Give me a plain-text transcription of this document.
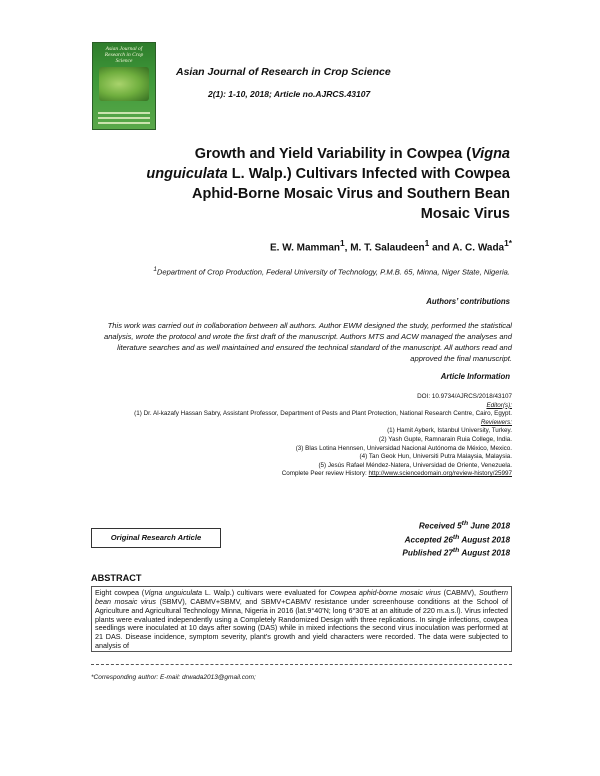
Asian Journal of
Research in Crop
Science
Asian Journal of Research in Crop Science
2(1): 1-10, 2018; Article no.AJRCS.43107
Growth and Yield Variability in Cowpea (Vigna unguiculata L. Walp.) Cultivars Infected with Cowpea Aphid-Borne Mosaic Virus and Southern Bean Mosaic Virus
E. W. Mamman$^1$, M. T. Salaudeen$^1$ and A. C. Wada$^{1*}$
$^1$Department of Crop Production, Federal University of Technology, P.M.B. 65, Minna, Niger State, Nigeria.
Authors’ contributions
This work was carried out in collaboration between all authors. Author EWM designed the study, performed the statistical analysis, wrote the protocol and wrote the first draft of the manuscript. Authors MTS and ACW managed the analyses and literature searches and as well maintained and ensured the technical standard of the manuscript. All authors read and approved the final manuscript.
Article Information
DOI: 10.9734/AJRCS/2018/43107
Editor(s):
(1) Dr. Al-kazafy Hassan Sabry, Assistant Professor, Department of Pests and Plant Protection, National Research Centre, Cairo, Egypt.
Reviewers:
(1) Hamit Ayberk, Istanbul University, Turkey.
(2) Yash Gupte, Ramnarain Ruia College, India.
(3) Blas Lotina Hennsen, Universidad Nacional Autónoma de México, Mexico.
(4) Tan Geok Hun, Universiti Putra Malaysia, Malaysia.
(5) Jesús Rafael Méndez-Natera, Universidad de Oriente, Venezuela.
Complete Peer review History: http://www.sciencedomain.org/review-history/25997
Original Research Article
Received 5th June 2018
Accepted 26th August 2018
Published 27th August 2018
ABSTRACT
Eight cowpea (Vigna unguiculata L. Walp.) cultivars were evaluated for Cowpea aphid-borne mosaic virus (CABMV), Southern bean mosaic virus (SBMV), CABMV+SBMV, and SBMV+CABMV resistance under screenhouse conditions at the School of Agriculture and Agricultural Technology Minna, Nigeria in 2016 (lat.9°40'N; long 6°30'E at an altitude of 220 m.a.s.l). Virus infected plants were evaluated independently using a Completely Randomized Design with three replications. In single infections, cowpea seedlings were inoculated at 10 days after sowing (DAS) while in mixed infections the second virus inoculation was performed at 21 DAS. Disease incidence, symptom severity, plant's growth and yield characters were recorded. The data were subjected to analysis of
*Corresponding author: E-mail: drwada2013@gmail.com;
